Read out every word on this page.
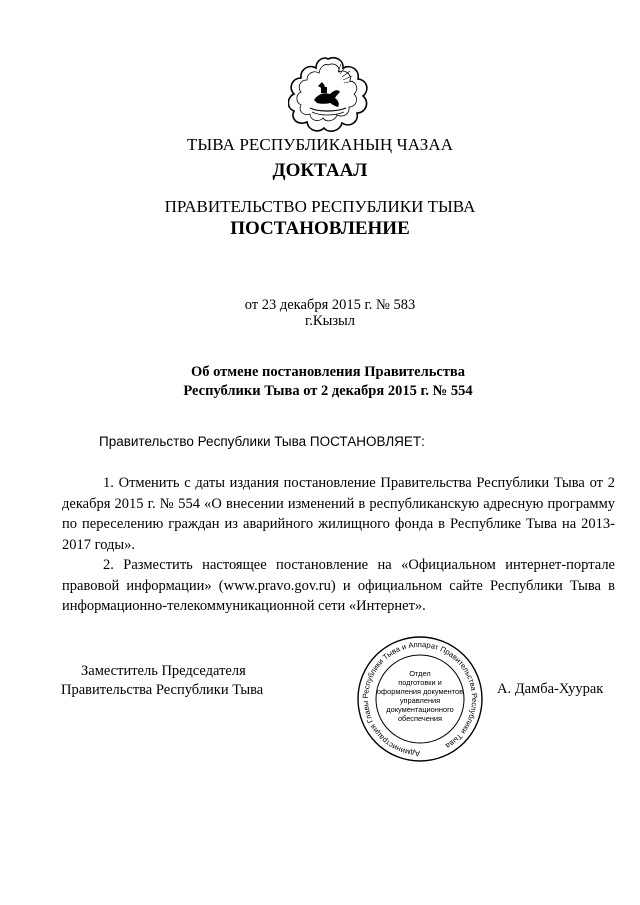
ТЫВА РЕСПУБЛИКАНЫҢ ЧАЗАА
ДОКТААЛ
ПРАВИТЕЛЬСТВО РЕСПУБЛИКИ ТЫВА
ПОСТАНОВЛЕНИЕ
от 23 декабря 2015 г. № 583
г.Кызыл
Об отмене постановления Правительства
Республики Тыва от 2 декабря 2015 г. № 554
Правительство Республики Тыва ПОСТАНОВЛЯЕТ:
1. Отменить с даты издания постановление Правительства Республики Тыва от 2 декабря 2015 г. № 554 «О внесении изменений в республиканскую адресную программу по переселению граждан из аварийного жилищного фонда в Республике Тыва на 2013-2017 годы».
2. Разместить настоящее постановление на «Официальном интернет-портале правовой информации» (www.pravo.gov.ru) и официальном сайте Республики Тыва в информационно-телекоммуникационной сети «Интернет».
Заместитель Председателя
Правительства Республики Тыва
Администрация Главы Республики Тыва и Аппарат Правительства Республики Тыва
Отдел
подготовки и
оформления документов
управления
документационного
обеспечения
А. Дамба-Хуурак
